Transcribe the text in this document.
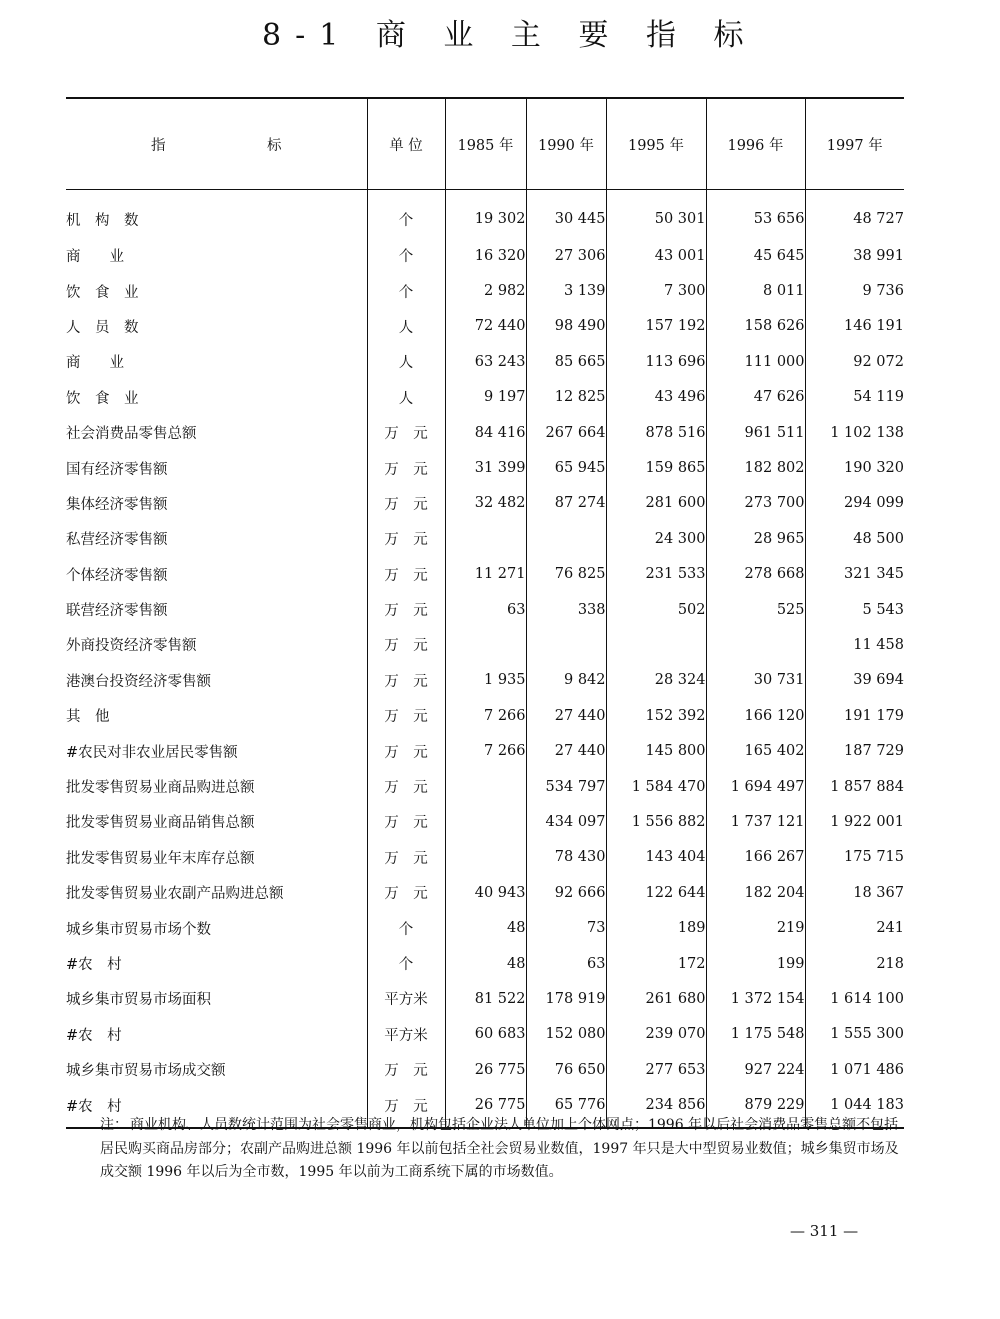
8-1 商 业 主 要 指 标
指　　　　　　　标	单 位	1985 年	1990 年	1995 年	1996 年	1997 年
机　构　数	个	19 302	30 445	50 301	53 656	48 727
商　　业	个	16 320	27 306	43 001	45 645	38 991
饮　食　业	个	2 982	3 139	7 300	8 011	9 736
人　员　数	人	72 440	98 490	157 192	158 626	146 191
商　　业	人	63 243	85 665	113 696	111 000	92 072
饮　食　业	人	9 197	12 825	43 496	47 626	54 119
社会消费品零售总额	万　元	84 416	267 664	878 516	961 511	1 102 138
国有经济零售额	万　元	31 399	65 945	159 865	182 802	190 320
集体经济零售额	万　元	32 482	87 274	281 600	273 700	294 099
私营经济零售额	万　元			24 300	28 965	48 500
个体经济零售额	万　元	11 271	76 825	231 533	278 668	321 345
联营经济零售额	万　元	63	338	502	525	5 543
外商投资经济零售额	万　元					11 458
港澳台投资经济零售额	万　元	1 935	9 842	28 324	30 731	39 694
其　他	万　元	7 266	27 440	152 392	166 120	191 179
#农民对非农业居民零售额	万　元	7 266	27 440	145 800	165 402	187 729
批发零售贸易业商品购进总额	万　元		534 797	1 584 470	1 694 497	1 857 884
批发零售贸易业商品销售总额	万　元		434 097	1 556 882	1 737 121	1 922 001
批发零售贸易业年末库存总额	万　元		78 430	143 404	166 267	175 715
批发零售贸易业农副产品购进总额	万　元	40 943	92 666	122 644	182 204	18 367
城乡集市贸易市场个数	个	48	73	189	219	241
#农　村	个	48	63	172	199	218
城乡集市贸易市场面积	平方米	81 522	178 919	261 680	1 372 154	1 614 100
#农　村	平方米	60 683	152 080	239 070	1 175 548	1 555 300
城乡集市贸易市场成交额	万　元	26 775	76 650	277 653	927 224	1 071 486
#农　村	万　元	26 775	65 776	234 856	879 229	1 044 183
注： 商业机构、人员数统计范围为社会零售商业，机构包括企业法人单位加上个体网点；1996 年以后社会消费品零售总额不包括居民购买商品房部分；农副产品购进总额 1996 年以前包括全社会贸易业数值，1997 年只是大中型贸易业数值；城乡集贸市场及成交额 1996 年以后为全市数，1995 年以前为工商系统下属的市场数值。
— 311 —
